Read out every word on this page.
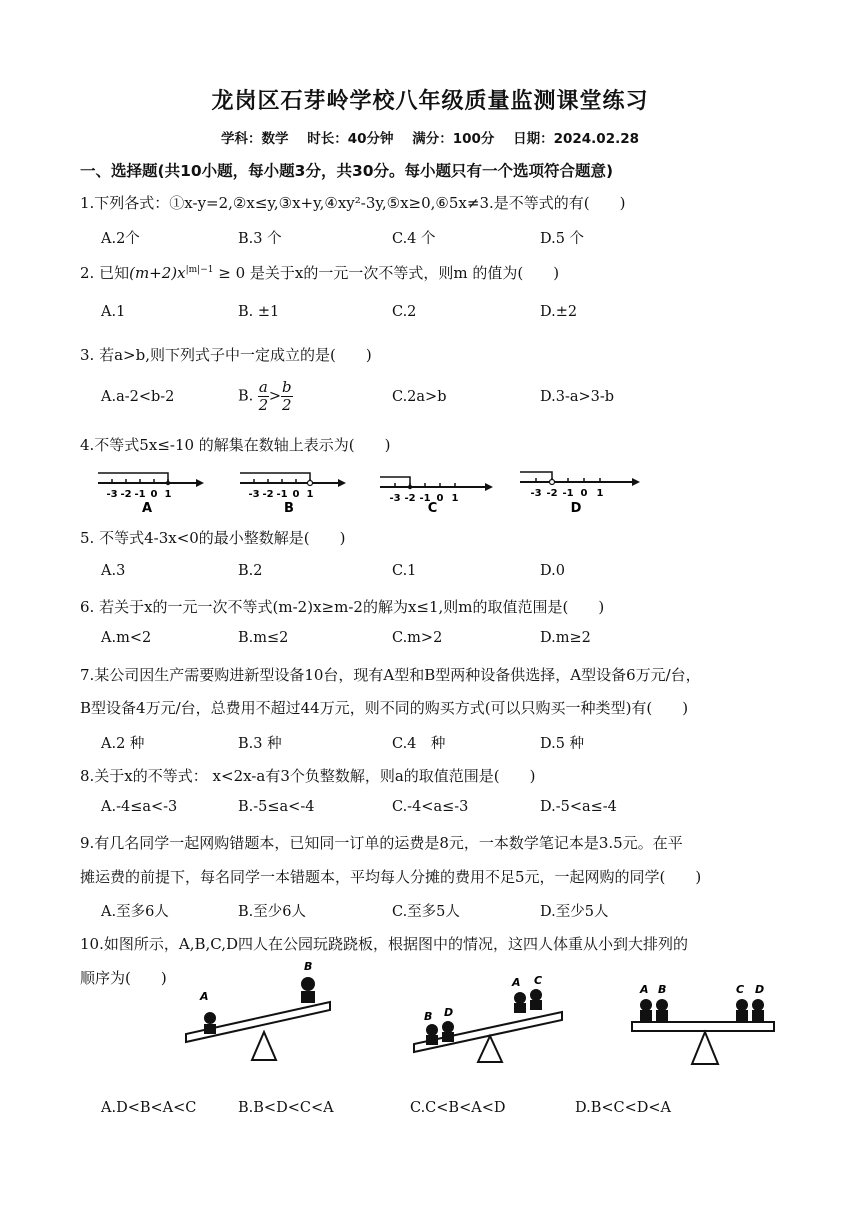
龙岗区石芽岭学校八年级质量监测课堂练习
学科：数学 时长：40分钟 满分：100分 日期：2024.02.28
一、选择题(共10小题，每小题3分，共30分。每小题只有一个选项符合题意)
1.下列各式：①x-y=2,②x≤y,③x+y,④xy²-3y,⑤x≥0,⑥5x≠3.是不等式的有(　　)
A.2个	B.3 个	C.4 个	D.5 个
2. 已知$(m+2)x^{|m|-1} \ge 0$ 是关于x的一元一次不等式，则m 的值为(　　)
A.1	B. ±1	C.2	D.±2
3. 若a>b,则下列式子中一定成立的是(　　)
A.a-2<b-2	B. $\frac{a}{2} > \frac{b}{2}$	C.2a>b	D.3-a>3-b
4.不等式5x≤-10 的解集在数轴上表示为(　　)
-3 -2 -1 0 1
A
-3 -2 -1 0 1
B
-3 -2 -1 0 1
C
-3 -2 -1 0 1
D
5. 不等式4-3x<0的最小整数解是(　　)
A.3	B.2	C.1	D.0
6. 若关于x的一元一次不等式(m-2)x≥m-2的解为x≤1,则m的取值范围是(　　)
A.m<2	B.m≤2	C.m>2	D.m≥2
7.某公司因生产需要购进新型设备10台，现有A型和B型两种设备供选择，A型设备6万元/台，
B型设备4万元/台，总费用不超过44万元，则不同的购买方式(可以只购买一种类型)有(　　)
A.2 种	B.3 种	C.4　种	D.5 种
8.关于x的不等式： x<2x-a有3个负整数解，则a的取值范围是(　　)
A.-4≤a<-3	B.-5≤a<-4	C.-4<a≤-3	D.-5<a≤-4
9.有几名同学一起网购错题本，已知同一订单的运费是8元，一本数学笔记本是3.5元。在平
摊运费的前提下，每名同学一本错题本，平均每人分摊的费用不足5元，一起网购的同学(　　)
A.至多6人	B.至少6人	C.至多5人	D.至少5人
10.如图所示，A,B,C,D四人在公园玩跷跷板，根据图中的情况，这四人体重从小到大排列的
顺序为(　　)
A
B
B D
A C
A B	C D
A.D<B<A<C	B.B<D<C<A	C.C<B<A<D	D.B<C<D<A
